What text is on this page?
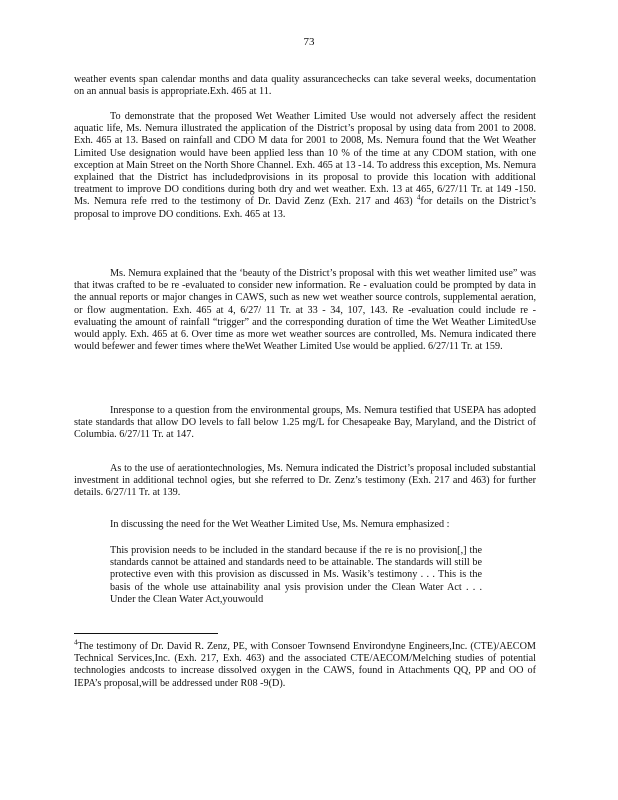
73

weather events span calendar months and data quality assurancechecks can take several weeks, documentation on an annual basis is appropriate.Exh. 465 at 11.

To demonstrate that the proposed Wet Weather Limited Use would not adversely affect the resident aquatic life, Ms. Nemura illustrated the application of the District’s proposal by using data from 2001 to 2008. Exh. 465 at 13. Based on rainfall and CDO M data for 2001 to 2008, Ms. Nemura found that the Wet Weather Limited Use designation would have been applied less than 10 % of the time at any CDOM station, with one exception at Main Street on the North Shore Channel. Exh. 465 at 13 -14. To address this exception, Ms. Nemura explained that the District has includedprovisions in its proposal to provide this location with additional treatment to improve DO conditions during both dry and wet weather. Exh. 13 at 465, 6/27/11 Tr. at 149 -150. Ms. Nemura refe rred to the testimony of Dr. David Zenz (Exh. 217 and 463) $^4$for details on the District’s proposal to improve DO conditions. Exh. 465 at 13.

Ms. Nemura explained that the ‘beauty of the District’s proposal with this wet weather limited use” was that itwas crafted to be re -evaluated to consider new information. Re - evaluation could be prompted by data in the annual reports or major changes in CAWS, such as new wet weather source controls, supplemental aeration, or flow augmentation. Exh. 465 at 4, 6/27/ 11 Tr. at 33 - 34, 107, 143. Re -evaluation could include re -evaluating the amount of rainfall “trigger” and the corresponding duration of time the Wet Weather LimitedUse would apply. Exh. 465 at 6. Over time as more wet weather sources are controlled, Ms. Nemura indicated there would befewer and fewer times where theWet Weather Limited Use would be applied. 6/27/11 Tr. at 159.

Inresponse to a question from the environmental groups, Ms. Nemura testified that USEPA has adopted state standards that allow DO levels to fall below 1.25 mg/L for Chesapeake Bay, Maryland, and the District of Columbia. 6/27/11 Tr. at 147.

As to the use of aerationtechnologies, Ms. Nemura indicated the District’s proposal included substantial investment in additional technol ogies, but she referred to Dr. Zenz’s testimony (Exh. 217 and 463) for further details. 6/27/11 Tr. at 139.

In discussing the need for the Wet Weather Limited Use, Ms. Nemura emphasized :

This provision needs to be included in the standard because if the re is no provision[,] the standards cannot be attained and standards need to be attainable. The standards will still be protective even with this provision as discussed in Ms. Wasik’s testimony . . . This is the basis of the whole use attainability anal ysis provision under the Clean Water Act . . . Under the Clean Water Act,youwould
$^4$The testimony of Dr. David R. Zenz, PE, with Consoer Townsend Environdyne Engineers,Inc. (CTE)/AECOM Technical Services,Inc. (Exh. 217, Exh. 463) and the associated CTE/AECOM/Melching studies of potential technologies andcosts to increase dissolved oxygen in the CAWS, found in Attachments QQ, PP and OO of IEPA’s proposal,will be addressed under R08 -9(D).
